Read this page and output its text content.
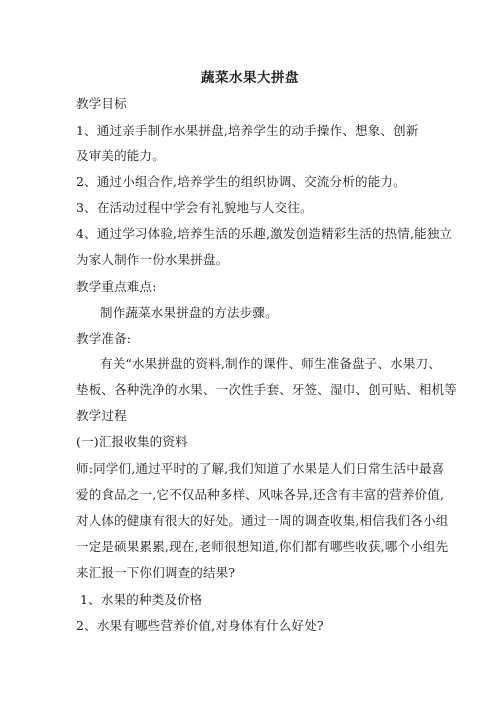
蔬菜水果大拼盘
教学目标
1、通过亲手制作水果拼盘,培养学生的动手操作、想象、创新
及审美的能力。
2、通过小组合作,培养学生的组织协调、交流分析的能力。
3、在活动过程中学会有礼貌地与人交往。
4、通过学习体验,培养生活的乐趣,激发创造精彩生活的热情,能独立
为家人制作一份水果拼盘。
教学重点难点:
制作蔬菜水果拼盘的方法步骤。
教学准备:
有关“水果拼盘的资料,制作的课件、师生准备盘子、水果刀、
垫板、各种洗净的水果、一次性手套、牙签、湿巾、创可贴、相机等
教学过程
(一)汇报收集的资料
师:同学们,通过平时的了解,我们知道了水果是人们日常生活中最喜
爱的食品之一,它不仅品种多样、风味各异,还含有丰富的营养价值,
对人体的健康有很大的好处。通过一周的调查收集,相信我们各小组
一定是硕果累累,现在,老师很想知道,你们都有哪些收获,哪个小组先
来汇报一下你们调查的结果?
1、水果的种类及价格
2、水果有哪些营养价值,对身体有什么好处?
